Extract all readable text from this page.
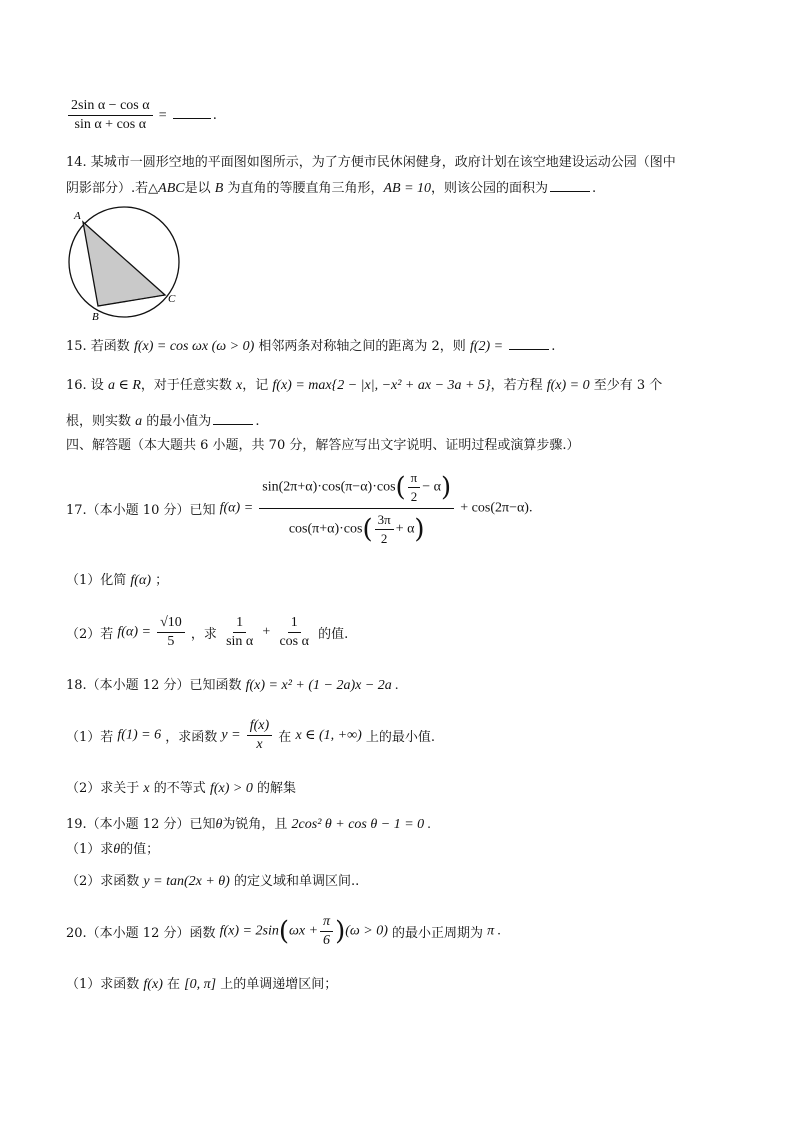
$\frac{\text{2sin α − cos α}}{\text{sin α + cos α}}$ =	.
14. 某城市一圆形空地的平面图如图所示，为了方便市民休闲健身，政府计划在该空地建设运动公园（图中
阴影部分）.若△ABC是以 B 为直角的等腰直角三角形，AB = 10，则该公园的面积为	.
A
B
C
15. 若函数 f(x) = cos ωx (ω > 0) 相邻两条对称轴之间的距离为 2，则 f(2) =	.
16. 设 a ∈ R，对于任意实数 x，记 f(x) = max{2 − |x|, −x² + ax − 3a + 5}，若方程 f(x) = 0 至少有 3 个
根，则实数 a 的最小值为	.
四、解答题（本大题共 6 小题，共 70 分，解答应写出文字说明、证明过程或演算步骤.）
17.（本小题 10 分）已知 $f(\alpha) = \frac{\sin(2\pi+\alpha)\cdot\cos(\pi-\alpha)\cdot\cos( \frac{\pi}{2} - \alpha)}{\cos(\pi+\alpha)\cdot\cos( \frac{3\pi}{2} + \alpha)} + \cos(2\pi-\alpha)$.
（1）化简 f(α) ；
（2）若 $f(\alpha) = \frac{√10}{5}$ ，求 $\frac{1}{\text{sin α}} + \frac{1}{\text{cos α}}$ 的值.
18.（本小题 12 分）已知函数 f(x) = x² + (1 − 2a)x − 2a .
（1）若 f(1) = 6 ，求函数 $y = \frac{f(x)}{x}$ 在 x ∈ (1, +∞) 上的最小值.
（2）求关于 x 的不等式 f(x) > 0 的解集
19.（本小题 12 分）已知θ为锐角，且 2cos² θ + cos θ − 1 = 0 .
（1）求θ的值；
（2）求函数 y = tan(2x + θ) 的定义域和单调区间..
20.（本小题 12 分）函数 $f(x) = 2\sin(\omega x + \frac{\pi}{6} )(\omega > 0)$ 的最小正周期为 π .
（1）求函数 f(x) 在 [0, π] 上的单调递增区间；
